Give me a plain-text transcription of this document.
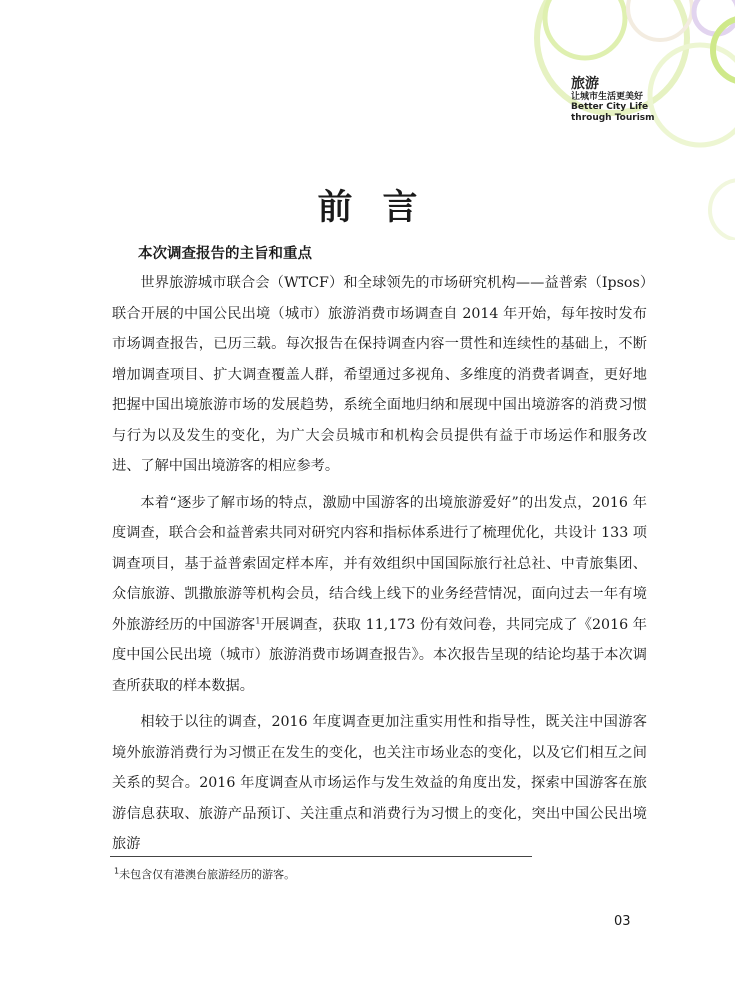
旅游
让城市生活更美好
Better City Life
through Tourism
前言
本次调查报告的主旨和重点

世界旅游城市联合会（WTCF）和全球领先的市场研究机构——益普索（Ipsos）联合开展的中国公民出境（城市）旅游消费市场调查自 2014 年开始，每年按时发布市场调查报告，已历三载。每次报告在保持调查内容一贯性和连续性的基础上，不断增加调查项目、扩大调查覆盖人群，希望通过多视角、多维度的消费者调查，更好地把握中国出境旅游市场的发展趋势，系统全面地归纳和展现中国出境游客的消费习惯与行为以及发生的变化，为广大会员城市和机构会员提供有益于市场运作和服务改进、了解中国出境游客的相应参考。

本着“逐步了解市场的特点，激励中国游客的出境旅游爱好”的出发点，2016 年度调查，联合会和益普索共同对研究内容和指标体系进行了梳理优化，共设计 133 项调查项目，基于益普索固定样本库，并有效组织中国国际旅行社总社、中青旅集团、众信旅游、凯撒旅游等机构会员，结合线上线下的业务经营情况，面向过去一年有境外旅游经历的中国游客$^1$开展调查，获取 11,173 份有效问卷，共同完成了《2016 年度中国公民出境（城市）旅游消费市场调查报告》。本次报告呈现的结论均基于本次调查所获取的样本数据。

相较于以往的调查，2016 年度调查更加注重实用性和指导性，既关注中国游客境外旅游消费行为习惯正在发生的变化，也关注市场业态的变化，以及它们相互之间关系的契合。2016 年度调查从市场运作与发生效益的角度出发，探索中国游客在旅游信息获取、旅游产品预订、关注重点和消费行为习惯上的变化，突出中国公民出境旅游

$^1$未包含仅有港澳台旅游经历的游客。
03
